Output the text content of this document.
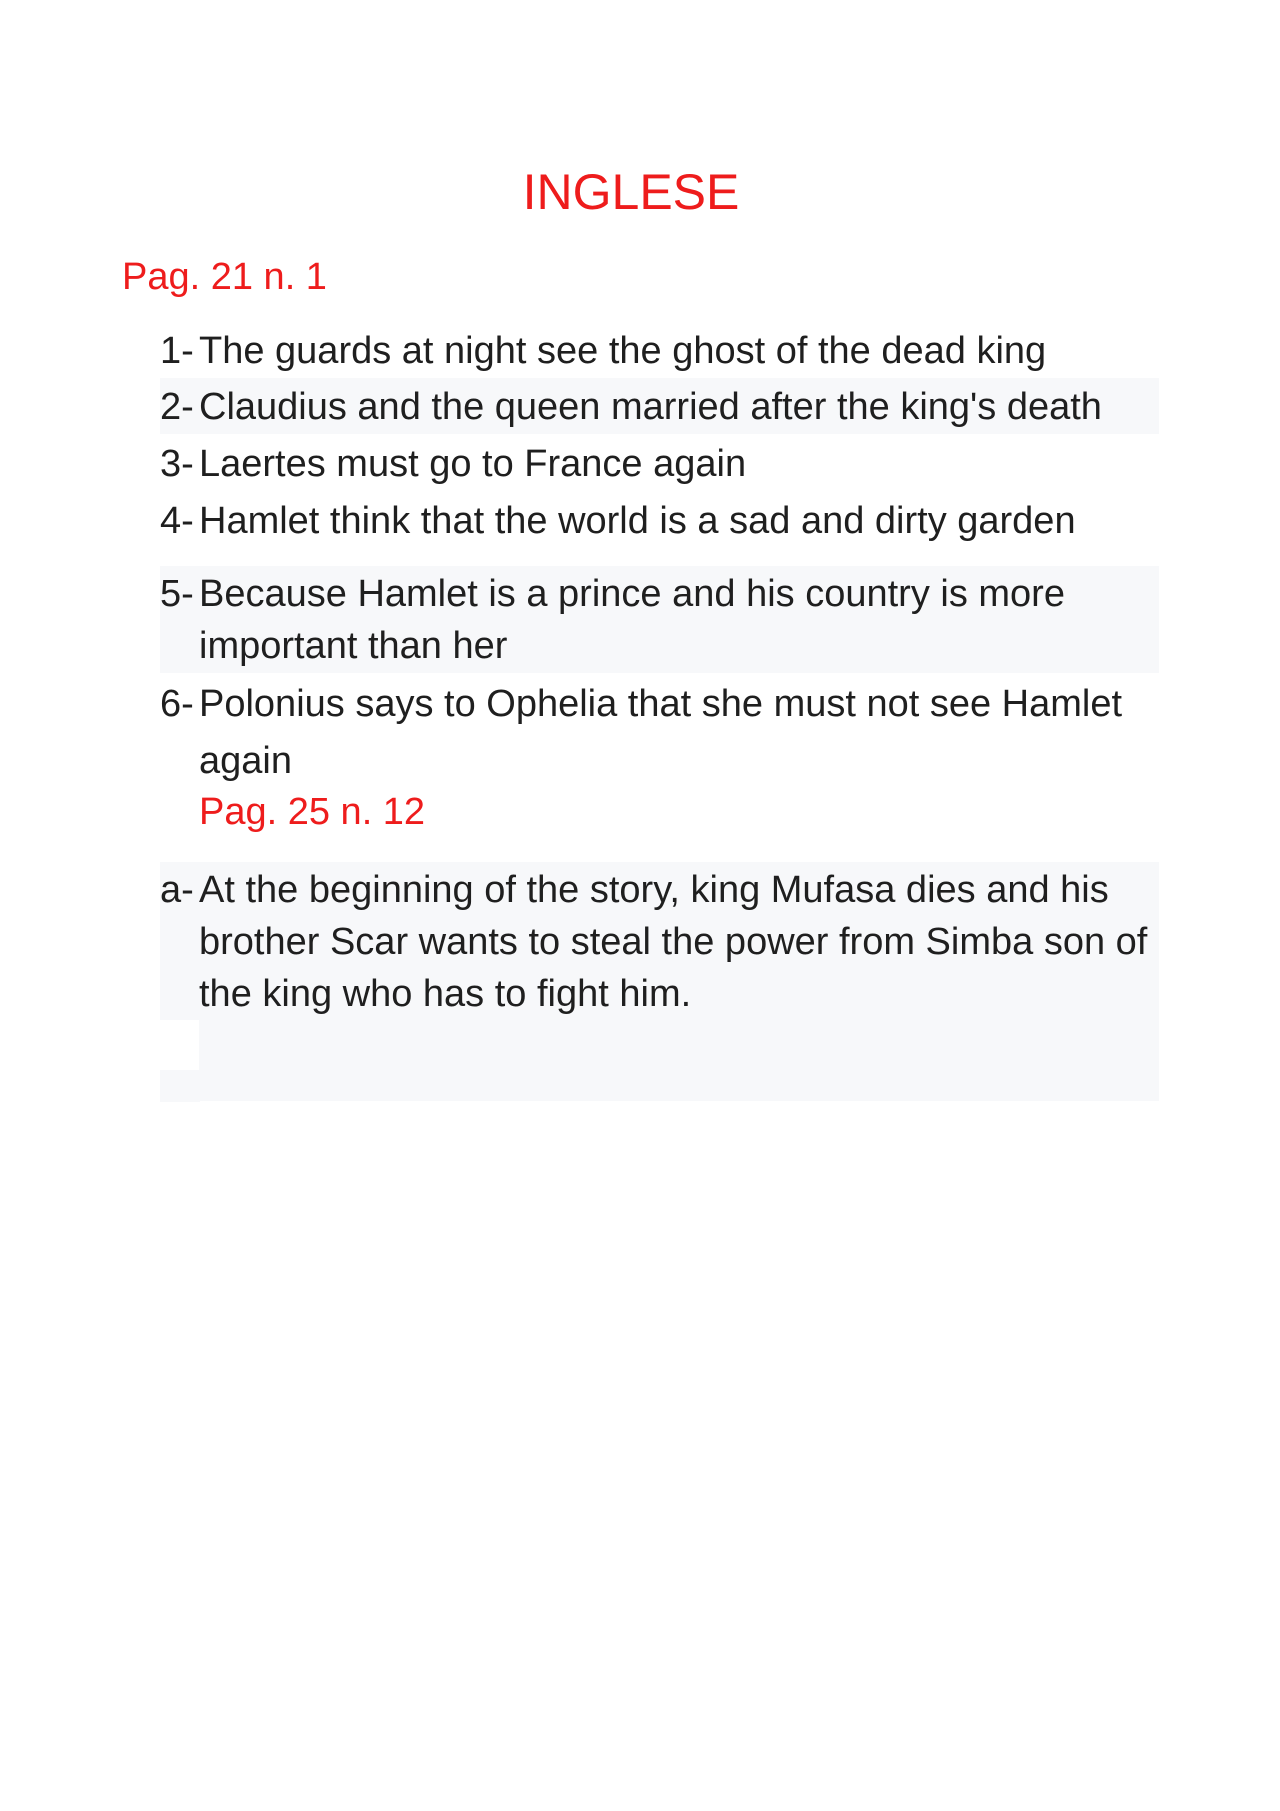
INGLESE
Pag. 21 n. 1
1- The guards at night see the ghost of the dead king
2- Claudius and the queen married after the king's death
3- Laertes must go to France again
4- Hamlet think that the world is a sad and dirty garden
5- Because Hamlet is a prince and his country is more important than her
6- Polonius says to Ophelia that she must not see Hamlet again
Pag. 25 n. 12
a- At the beginning of the story, king Mufasa dies and his brother Scar wants to steal the power from Simba son of the king who has to fight him.
